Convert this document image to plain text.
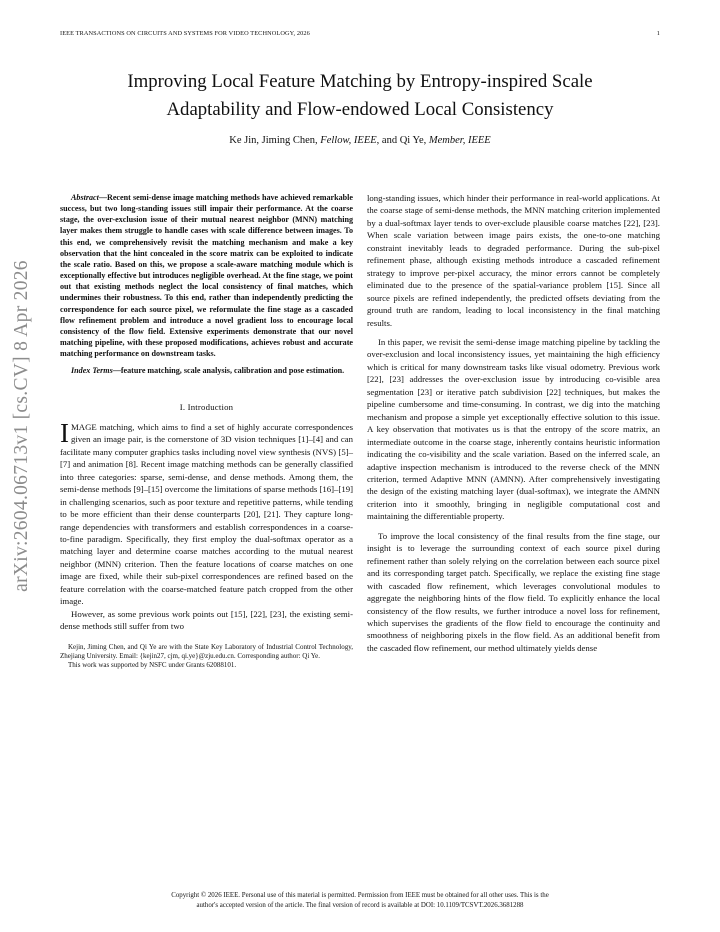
IEEE TRANSACTIONS ON CIRCUITS AND SYSTEMS FOR VIDEO TECHNOLOGY, 2026	1
arXiv:2604.06713v1 [cs.CV] 8 Apr 2026
Improving Local Feature Matching by Entropy-inspired Scale
Adaptability and Flow-endowed Local Consistency
Ke Jin, Jiming Chen, Fellow, IEEE, and Qi Ye, Member, IEEE
Abstract—Recent semi-dense image matching methods have achieved remarkable success, but two long-standing issues still impair their performance. At the coarse stage, the over-exclusion issue of their mutual nearest neighbor (MNN) matching layer makes them struggle to handle cases with scale difference between images. To this end, we comprehensively revisit the matching mechanism and make a key observation that the hint concealed in the score matrix can be exploited to indicate the scale ratio. Based on this, we propose a scale-aware matching module which is exceptionally effective but introduces negligible overhead. At the fine stage, we point out that existing methods neglect the local consistency of final matches, which undermines their robustness. To this end, rather than independently predicting the correspondence for each source pixel, we reformulate the fine stage as a cascaded flow refinement problem and introduce a novel gradient loss to encourage local consistency of the flow field. Extensive experiments demonstrate that our novel matching pipeline, with these proposed modifications, achieves robust and accurate matching performance on downstream tasks.
Index Terms—feature matching, scale analysis, calibration and pose estimation.
I. Introduction

IMAGE matching, which aims to find a set of highly accurate correspondences given an image pair, is the cornerstone of 3D vision techniques [1]–[4] and can facilitate many computer graphics tasks including novel view synthesis (NVS) [5]–[7] and animation [8]. Recent image matching methods can be generally classified into three categories: sparse, semi-dense, and dense methods. Among them, the semi-dense methods [9]–[15] overcome the limitations of sparse methods [16]–[19] in challenging scenarios, such as poor texture and repetitive patterns, while tending to be more efficient than their dense counterparts [20], [21]. They capture long-range dependencies with transformers and establish correspondences in a coarse-to-fine paradigm. Specifically, they first employ the dual-softmax operator as a matching layer and determine coarse matches according to the mutual nearest neighbor (MNN) criterion. Then the feature locations of coarse matches on one image are fixed, while their sub-pixel correspondences are refined based on the feature correlation with the coarse-matched feature patch cropped from the other image.

However, as some previous work points out [15], [22], [23], the existing semi-dense methods still suffer from two

Kejin, Jiming Chen, and Qi Ye are with the State Key Laboratory of Industrial Control Technology, Zhejiang University. Email: {kejin27, cjm, qi.ye}@zju.edu.cn. Corresponding author: Qi Ye.

This work was supported by NSFC under Grants 62088101.

long-standing issues, which hinder their performance in real-world applications. At the coarse stage of semi-dense methods, the MNN matching criterion implemented by a dual-softmax layer tends to over-exclude plausible coarse matches [22], [23]. When scale variation between image pairs exists, the one-to-one matching constraint inevitably leads to degraded performance. During the sub-pixel refinement phase, although existing methods introduce a cascaded refinement strategy to improve per-pixel accuracy, the minor errors cannot be completely eliminated due to the presence of the spatial-variance problem [15]. Since all source pixels are refined independently, the predicted offsets deviating from the ground truth are random, leading to local inconsistency in the final matching results.

In this paper, we revisit the semi-dense image matching pipeline by tackling the over-exclusion and local inconsistency issues, yet maintaining the high efficiency which is critical for many downstream tasks like visual odometry. Previous work [22], [23] addresses the over-exclusion issue by introducing co-visible area segmentation [23] or iterative patch subdivision [22] techniques, but makes the pipeline cumbersome and time-consuming. In contrast, we dig into the matching mechanism and propose a simple yet exceptionally effective solution to this issue. A key observation that motivates us is that the entropy of the score matrix, an intermediate outcome in the coarse stage, inherently contains heuristic information indicating the co-visibility and the scale variation. Based on the inferred scale, an adaptive inspection mechanism is introduced to the reverse check of the MNN criterion, termed Adaptive MNN (AMNN). After comprehensively investigating the design of the existing matching layer (dual-softmax), we integrate the AMNN criterion into it smoothly, bringing in negligible computational cost and maintaining the differentiable property.

To improve the local consistency of the final results from the fine stage, our insight is to leverage the surrounding context of each source pixel during refinement rather than solely relying on the correlation between each source pixel and its corresponding target patch. Specifically, we replace the existing fine stage with cascaded flow refinement, which leverages convolutional modules to aggregate the neighboring hints of the flow field. To explicitly enhance the local consistency of the flow results, we further introduce a novel loss for refinement, which supervises the gradients of the flow field to encourage the continuity and smoothness of neighboring pixels in the flow field. As an additional benefit from the cascaded flow refinement, our method ultimately yields dense

Copyright © 2026 IEEE. Personal use of this material is permitted. Permission from IEEE must be obtained for all other uses. This is the
author's accepted version of the article. The final version of record is available at DOI: 10.1109/TCSVT.2026.3681288
